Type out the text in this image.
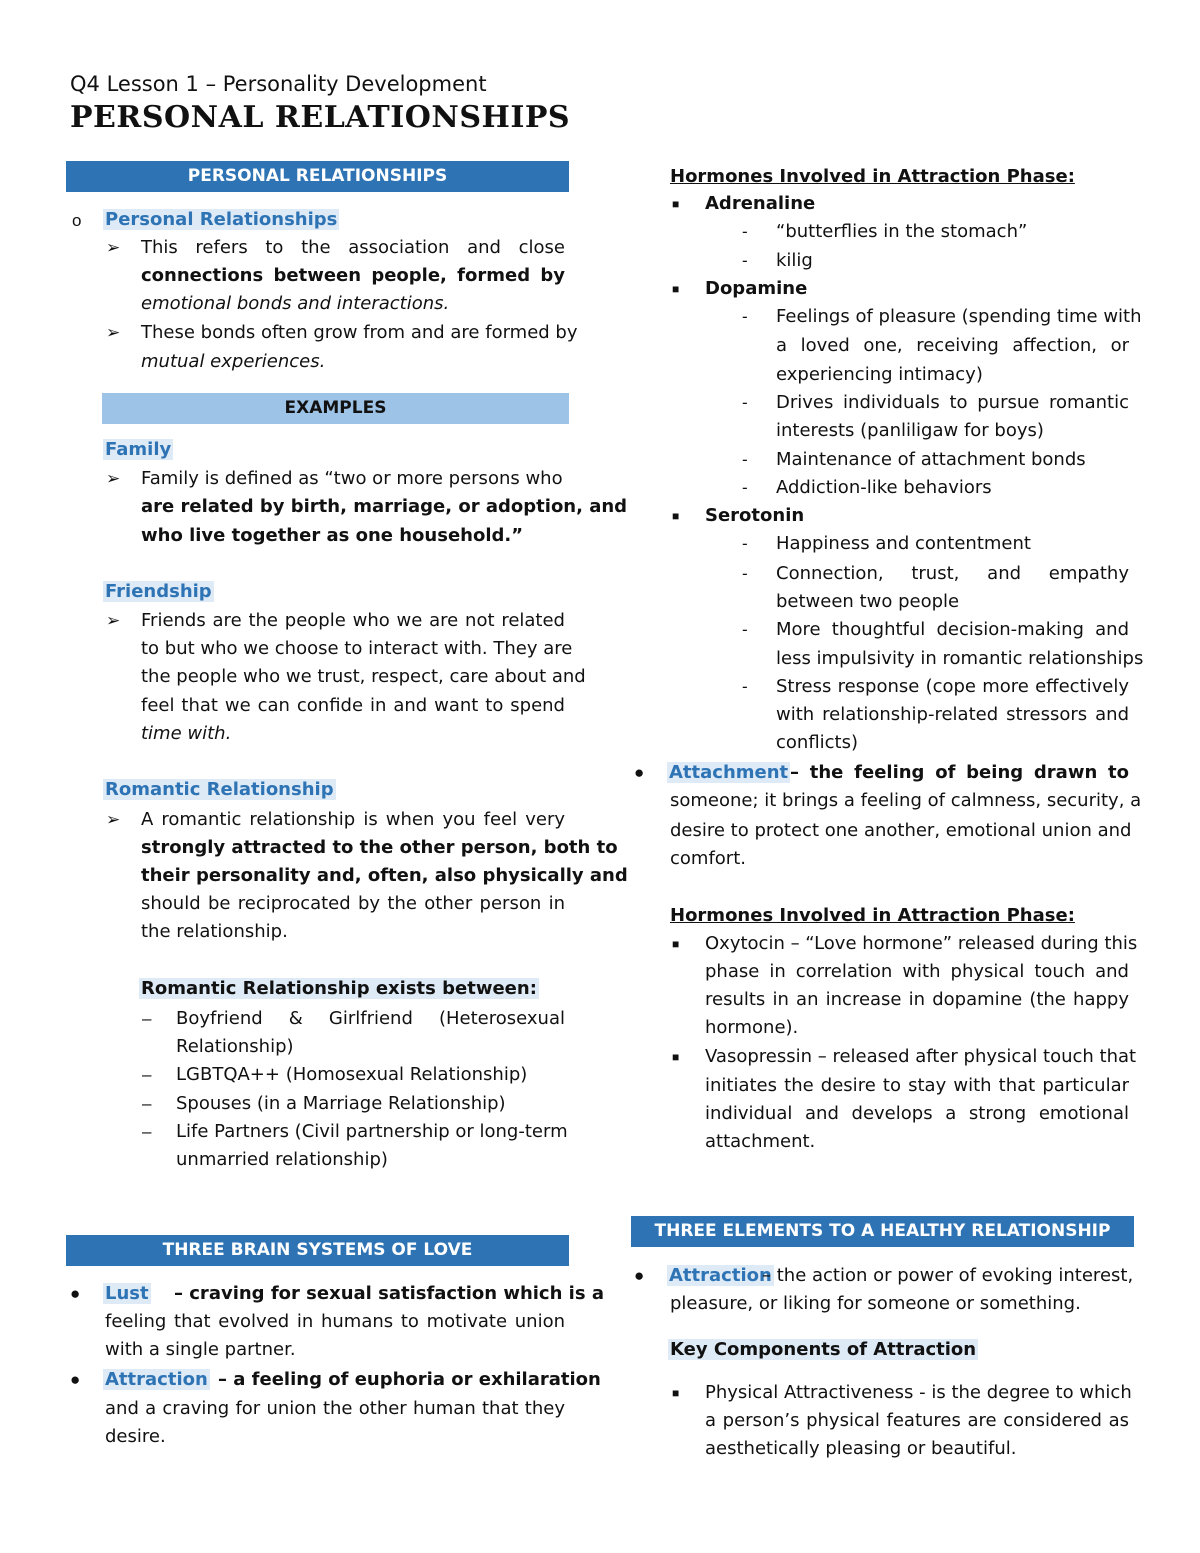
Q4 Lesson 1 – Personality Development
PERSONAL RELATIONSHIPS
PERSONAL RELATIONSHIPS
o Personal Relationships
➢ This refers to the association and close
connections between people, formed by
emotional bonds and interactions.
➢ These bonds often grow from and are formed by
mutual experiences.
EXAMPLES
Family
➢ Family is defined as “two or more persons who
are related by birth, marriage, or adoption, and
who live together as one household.”
Friendship
➢ Friends are the people who we are not related
to but who we choose to interact with. They are
the people who we trust, respect, care about and
feel that we can confide in and want to spend
time with.
Romantic Relationship
➢ A romantic relationship is when you feel very
strongly attracted to the other person, both to
their personality and, often, also physically and
should be reciprocated by the other person in
the relationship.
Romantic Relationship exists between:
– Boyfriend & Girlfriend (Heterosexual
Relationship)
– LGBTQA++ (Homosexual Relationship)
– Spouses (in a Marriage Relationship)
– Life Partners (Civil partnership or long-term
unmarried relationship)
THREE BRAIN SYSTEMS OF LOVE
● Lust – craving for sexual satisfaction which is a
feeling that evolved in humans to motivate union
with a single partner.
● Attraction – a feeling of euphoria or exhilaration
and a craving for union the other human that they
desire.
Hormones Involved in Attraction Phase:
■ Adrenaline
- “butterflies in the stomach”
- kilig
■ Dopamine
- Feelings of pleasure (spending time with
a loved one, receiving affection, or
experiencing intimacy)
- Drives individuals to pursue romantic
interests (panliligaw for boys)
- Maintenance of attachment bonds
- Addiction-like behaviors
■ Serotonin
- Happiness and contentment
- Connection, trust, and empathy
between two people
- More thoughtful decision-making and
less impulsivity in romantic relationships
- Stress response (cope more effectively
with relationship-related stressors and
conflicts)
● Attachment – the feeling of being drawn to
someone; it brings a feeling of calmness, security, a
desire to protect one another, emotional union and
comfort.
Hormones Involved in Attraction Phase:
■ Oxytocin – “Love hormone” released during this
phase in correlation with physical touch and
results in an increase in dopamine (the happy
hormone).
■ Vasopressin – released after physical touch that
initiates the desire to stay with that particular
individual and develops a strong emotional
attachment.
THREE ELEMENTS TO A HEALTHY RELATIONSHIP
● Attraction
– the action or power of evoking interest,
pleasure, or liking for someone or something.
Key Components of Attraction
■ Physical Attractiveness - is the degree to which
a person’s physical features are considered as
aesthetically pleasing or beautiful.
